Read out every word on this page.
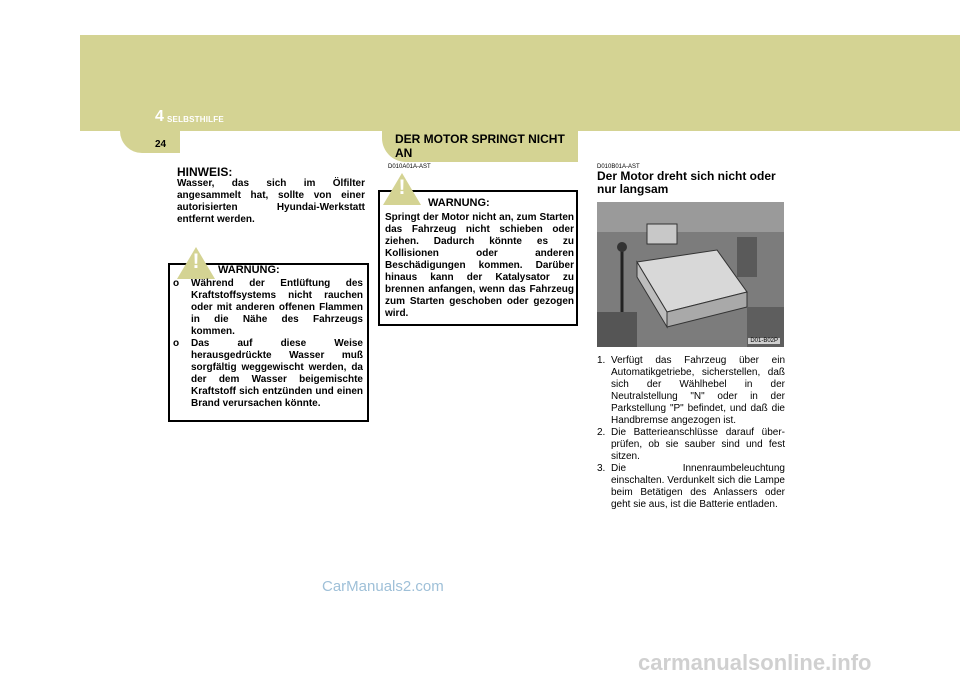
4 SELBSTHILFE
24	DER MOTOR SPRINGT NICHT AN
HINWEIS:
Wasser, das sich im Ölfilter angesammelt hat, sollte von einer autorisierten Hyundai-Werkstatt entfernt werden.
!	WARNUNG:
o Während der Entlüftung des Kraftstoffsystems nicht rauchen oder mit anderen offenen Flammen in die Nähe des Fahrzeugs kommen.
o Das auf diese Weise herausgedrückte Wasser muß sorgfältig weggewischt werden, da der dem Wasser beigemischte Kraftstoff sich entzünden und einen Brand verursachen könnte.
D010A01A-AST
!
WARNUNG:
Springt der Motor nicht an, zum Starten das Fahrzeug nicht schieben oder ziehen. Dadurch könnte es zu Kollisionen oder anderen Beschädigungen kommen. Darüber hinaus kann der Katalysator zu brennen anfangen, wenn das Fahrzeug zum Starten geschoben oder gezogen wird.
D010B01A-AST
Der Motor dreht sich nicht oder nur langsam
D01-B02P
1. Verfügt das Fahrzeug über ein Automatikgetriebe, sicherstellen, daß sich der Wählhebel in der Neutralstellung "N" oder in der Parkstellung "P" befindet, und daß die Handbremse angezogen ist.
2. Die Batterieanschlüsse darauf über- prüfen, ob sie sauber sind und fest sitzen.
3. Die Innenraumbeleuchtung einschalten. Verdunkelt sich die Lampe beim Betätigen des Anlassers oder geht sie aus, ist die Batterie entladen.
CarManuals2.com
carmanualsonline.info
